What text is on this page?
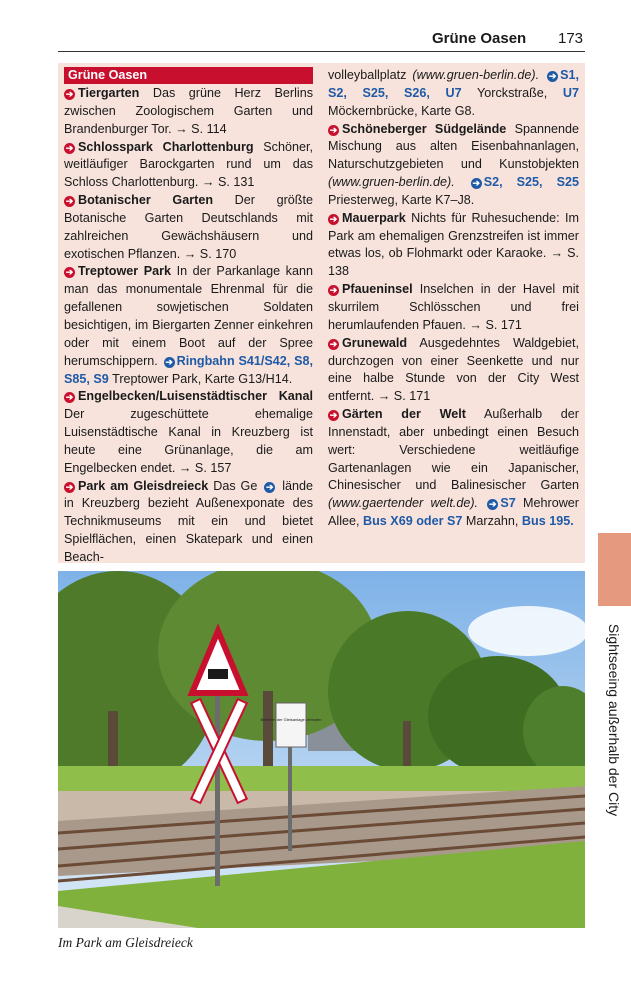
Grüne Oasen 173
Grüne Oasen

➔ Tiergarten Das grüne Herz Berlins zwischen Zoologischem Garten und Brandenburger Tor. → S. 114

➔ Schlosspark Charlottenburg Schöner, weitläufiger Barockgarten rund um das Schloss Charlottenburg. → S. 131

➔ Botanischer Garten Der größte Botanische Garten Deutschlands mit zahlreichen Gewächshäusern und exotischen Pflanzen. → S. 170

➔ Treptower Park In der Parkanlage kann man das monumentale Ehrenmal für die gefallenen sowjetischen Soldaten besichtigen, im Biergarten Zenner einkehren oder mit einem Boot auf der Spree herumschippern. ➔ Ringbahn S41/S42, S8, S85, S9 Treptower Park, Karte G13/H14.

➔ Engelbecken/Luisenstädtischer Kanal Der zugeschüttete ehemalige Luisenstädtische Kanal in Kreuzberg ist heute eine Grünanlage, die am Engelbecken endet. → S. 157

➔ Park am Gleisdreieck Das Ge ➔ lände in Kreuzberg bezieht Außenexponate des Technikmuseums mit ein und bietet Spielflächen, einen Skatepark und einen Beach-

volleyballplatz (www.gruen-berlin.de). ➔ S1, S2, S25, S26, U7 Yorckstraße, U7 Möckernbrücke, Karte G8.

➔ Schöneberger Südgelände Spannende Mischung aus alten Eisenbahnanlagen, Naturschutzgebieten und Kunstobjekten (www.gruen-berlin.de). ➔ S2, S25, S25 Priesterweg, Karte K7–J8.

➔ Mauerpark Nichts für Ruhesuchende: Im Park am ehemaligen Grenzstreifen ist immer etwas los, ob Flohmarkt oder Karaoke. → S. 138

➔ Pfaueninsel Inselchen in der Havel mit skurrilem Schlösschen und frei herumlaufenden Pfauen. → S. 171

➔ Grunewald Ausgedehntes Waldgebiet, durchzogen von einer Seenkette und nur eine halbe Stunde von der City West entfernt. → S. 171

➔ Gärten der Welt Außerhalb der Innenstadt, aber unbedingt einen Besuch wert: Verschiedene weitläufige Gartenanlagen wie ein Japanischer, Chinesischer und Balinesischer Garten (www.gaertender welt.de). ➔ S7 Mehrower Allee, Bus X69 oder S7 Marzahn, Bus 195.

Betreten der Gleisanlage verboten
Im Park am Gleisdreieck
Sightseeing außerhalb der City
